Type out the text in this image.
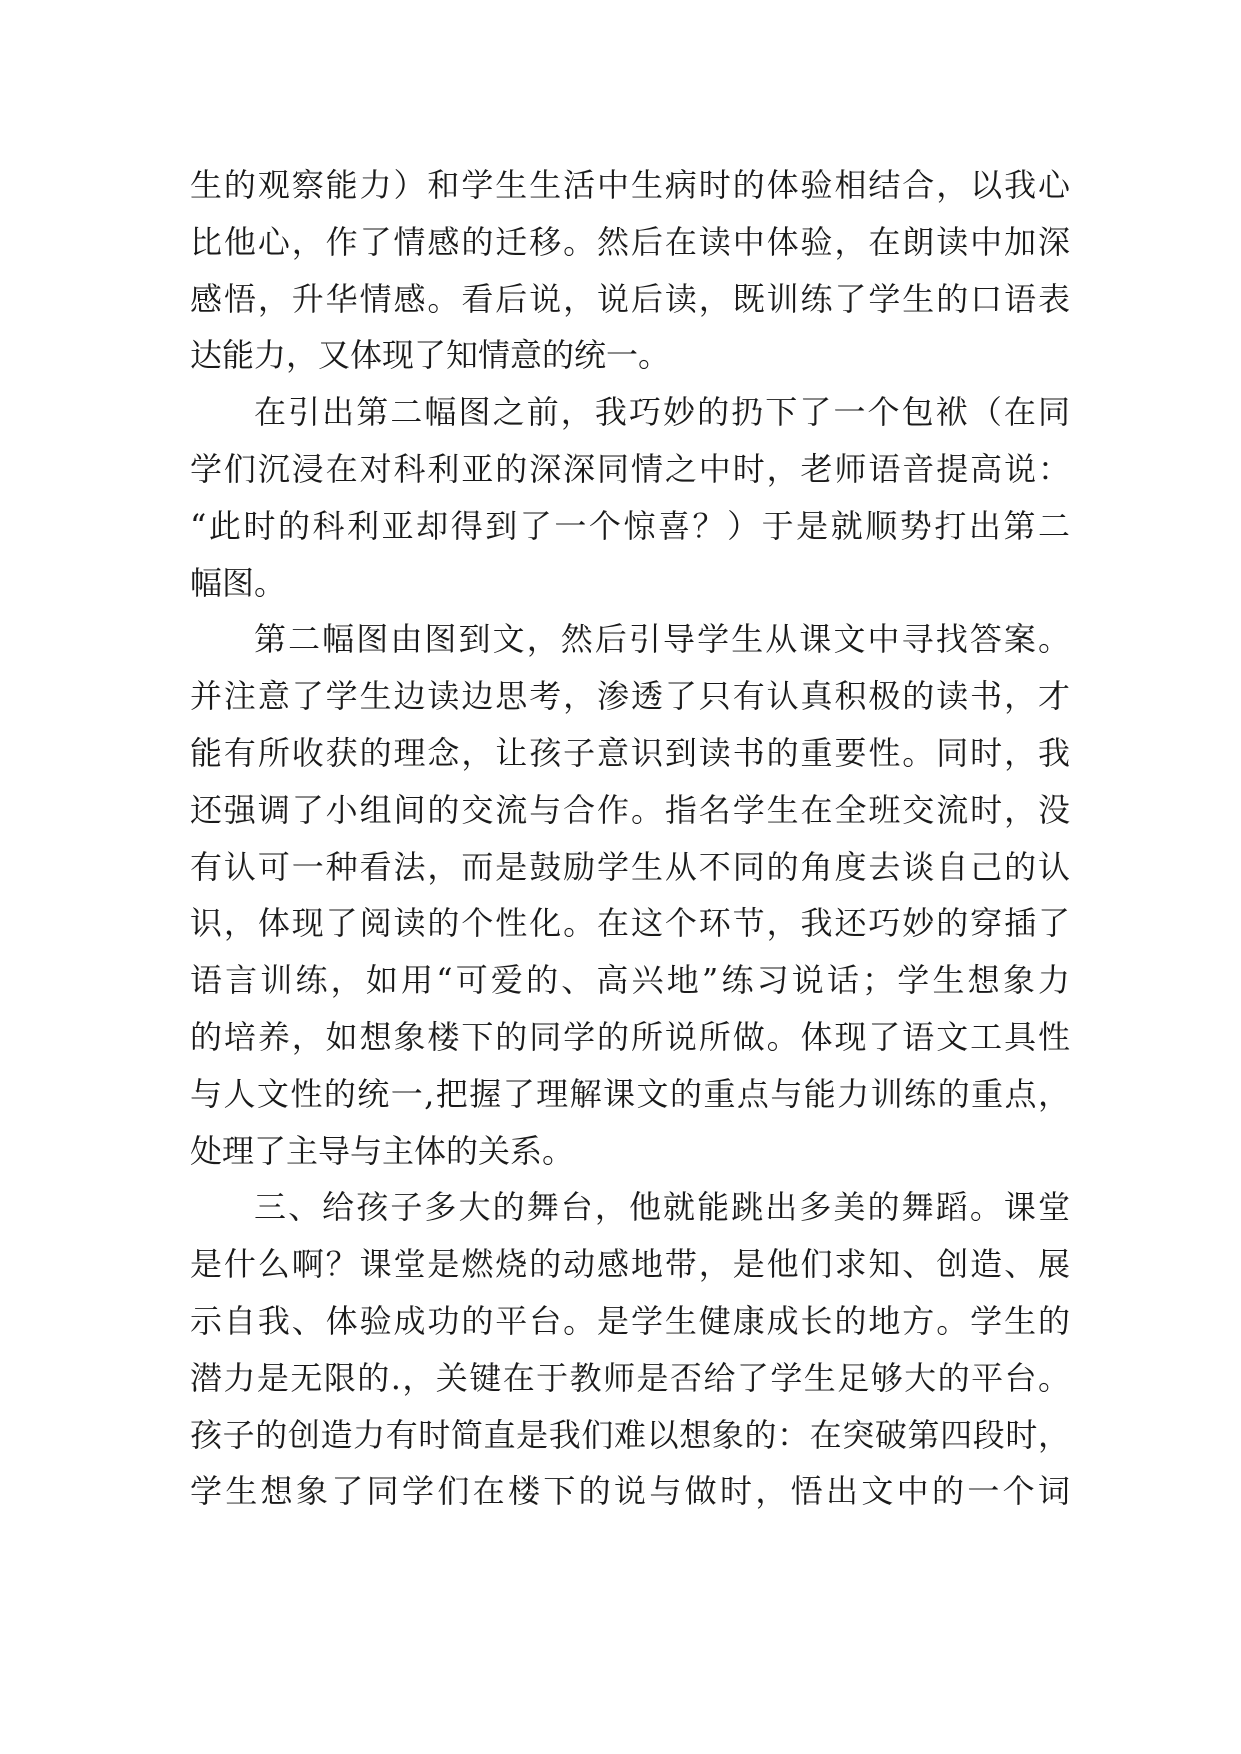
生的观察能力）和学生生活中生病时的体验相结合，以我心
比他心，作了情感的迁移。然后在读中体验，在朗读中加深
感悟，升华情感。看后说，说后读，既训练了学生的口语表
达能力，又体现了知情意的统一。
在引出第二幅图之前，我巧妙的扔下了一个包袱（在同
学们沉浸在对科利亚的深深同情之中时，老师语音提高说：
“此时的科利亚却得到了一个惊喜？）于是就顺势打出第二
幅图。
第二幅图由图到文，然后引导学生从课文中寻找答案。
并注意了学生边读边思考，渗透了只有认真积极的读书，才
能有所收获的理念，让孩子意识到读书的重要性。同时，我
还强调了小组间的交流与合作。指名学生在全班交流时，没
有认可一种看法，而是鼓励学生从不同的角度去谈自己的认
识，体现了阅读的个性化。在这个环节，我还巧妙的穿插了
语言训练，如用“可爱的、高兴地”练习说话；学生想象力
的培养，如想象楼下的同学的所说所做。体现了语文工具性
与人文性的统一,把握了理解课文的重点与能力训练的重点，
处理了主导与主体的关系。
三、给孩子多大的舞台，他就能跳出多美的舞蹈。课堂
是什么啊？课堂是燃烧的动感地带，是他们求知、创造、展
示自我、体验成功的平台。是学生健康成长的地方。学生的
潜力是无限的.，关键在于教师是否给了学生足够大的平台。
孩子的创造力有时简直是我们难以想象的：在突破第四段时，
学生想象了同学们在楼下的说与做时，悟出文中的一个词
